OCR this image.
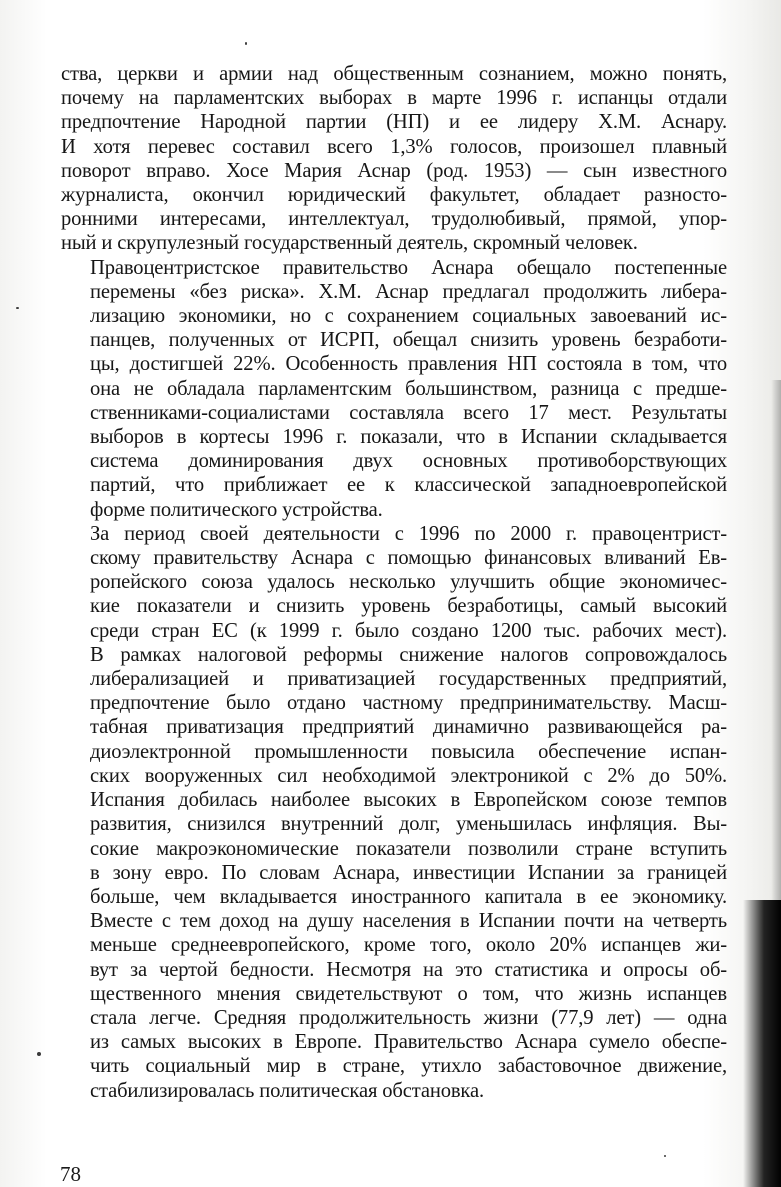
ства, церкви и армии над общественным сознанием, можно понять,
почему на парламентских выборах в марте 1996 г. испанцы отдали
предпочтение Народной партии (НП) и ее лидеру Х.М. Аснару.
И хотя перевес составил всего 1,3% голосов, произошел плавный
поворот вправо. Хосе Мария Аснар (род. 1953) — сын известного
журналиста, окончил юридический факультет, обладает разносто-
ронними интересами, интеллектуал, трудолюбивый, прямой, упор-
ный и скрупулезный государственный деятель, скромный человек.

Правоцентристское правительство Аснара обещало постепенные
перемены «без риска». Х.М. Аснар предлагал продолжить либера-
лизацию экономики, но с сохранением социальных завоеваний ис-
панцев, полученных от ИСРП, обещал снизить уровень безработи-
цы, достигшей 22%. Особенность правления НП состояла в том, что
она не обладала парламентским большинством, разница с предше-
ственниками-социалистами составляла всего 17 мест. Результаты
выборов в кортесы 1996 г. показали, что в Испании складывается
система доминирования двух основных противоборствующих
партий, что приближает ее к классической западноевропейской
форме политического устройства.

За период своей деятельности с 1996 по 2000 г. правоцентрист-
скому правительству Аснара с помощью финансовых вливаний Ев-
ропейского союза удалось несколько улучшить общие экономичес-
кие показатели и снизить уровень безработицы, самый высокий
среди стран ЕС (к 1999 г. было создано 1200 тыс. рабочих мест).
В рамках налоговой реформы снижение налогов сопровождалось
либерализацией и приватизацией государственных предприятий,
предпочтение было отдано частному предпринимательству. Масш-
табная приватизация предприятий динамично развивающейся ра-
диоэлектронной промышленности повысила обеспечение испан-
ских вооруженных сил необходимой электроникой с 2% до 50%.
Испания добилась наиболее высоких в Европейском союзе темпов
развития, снизился внутренний долг, уменьшилась инфляция. Вы-
сокие макроэкономические показатели позволили стране вступить
в зону евро. По словам Аснара, инвестиции Испании за границей
больше, чем вкладывается иностранного капитала в ее экономику.
Вместе с тем доход на душу населения в Испании почти на четверть
меньше среднеевропейского, кроме того, около 20% испанцев жи-
вут за чертой бедности. Несмотря на это статистика и опросы об-
щественного мнения свидетельствуют о том, что жизнь испанцев
стала легче. Средняя продолжительность жизни (77,9 лет) — одна
из самых высоких в Европе. Правительство Аснара сумело обеспе-
чить социальный мир в стране, утихло забастовочное движение,
стабилизировалась политическая обстановка.

78
